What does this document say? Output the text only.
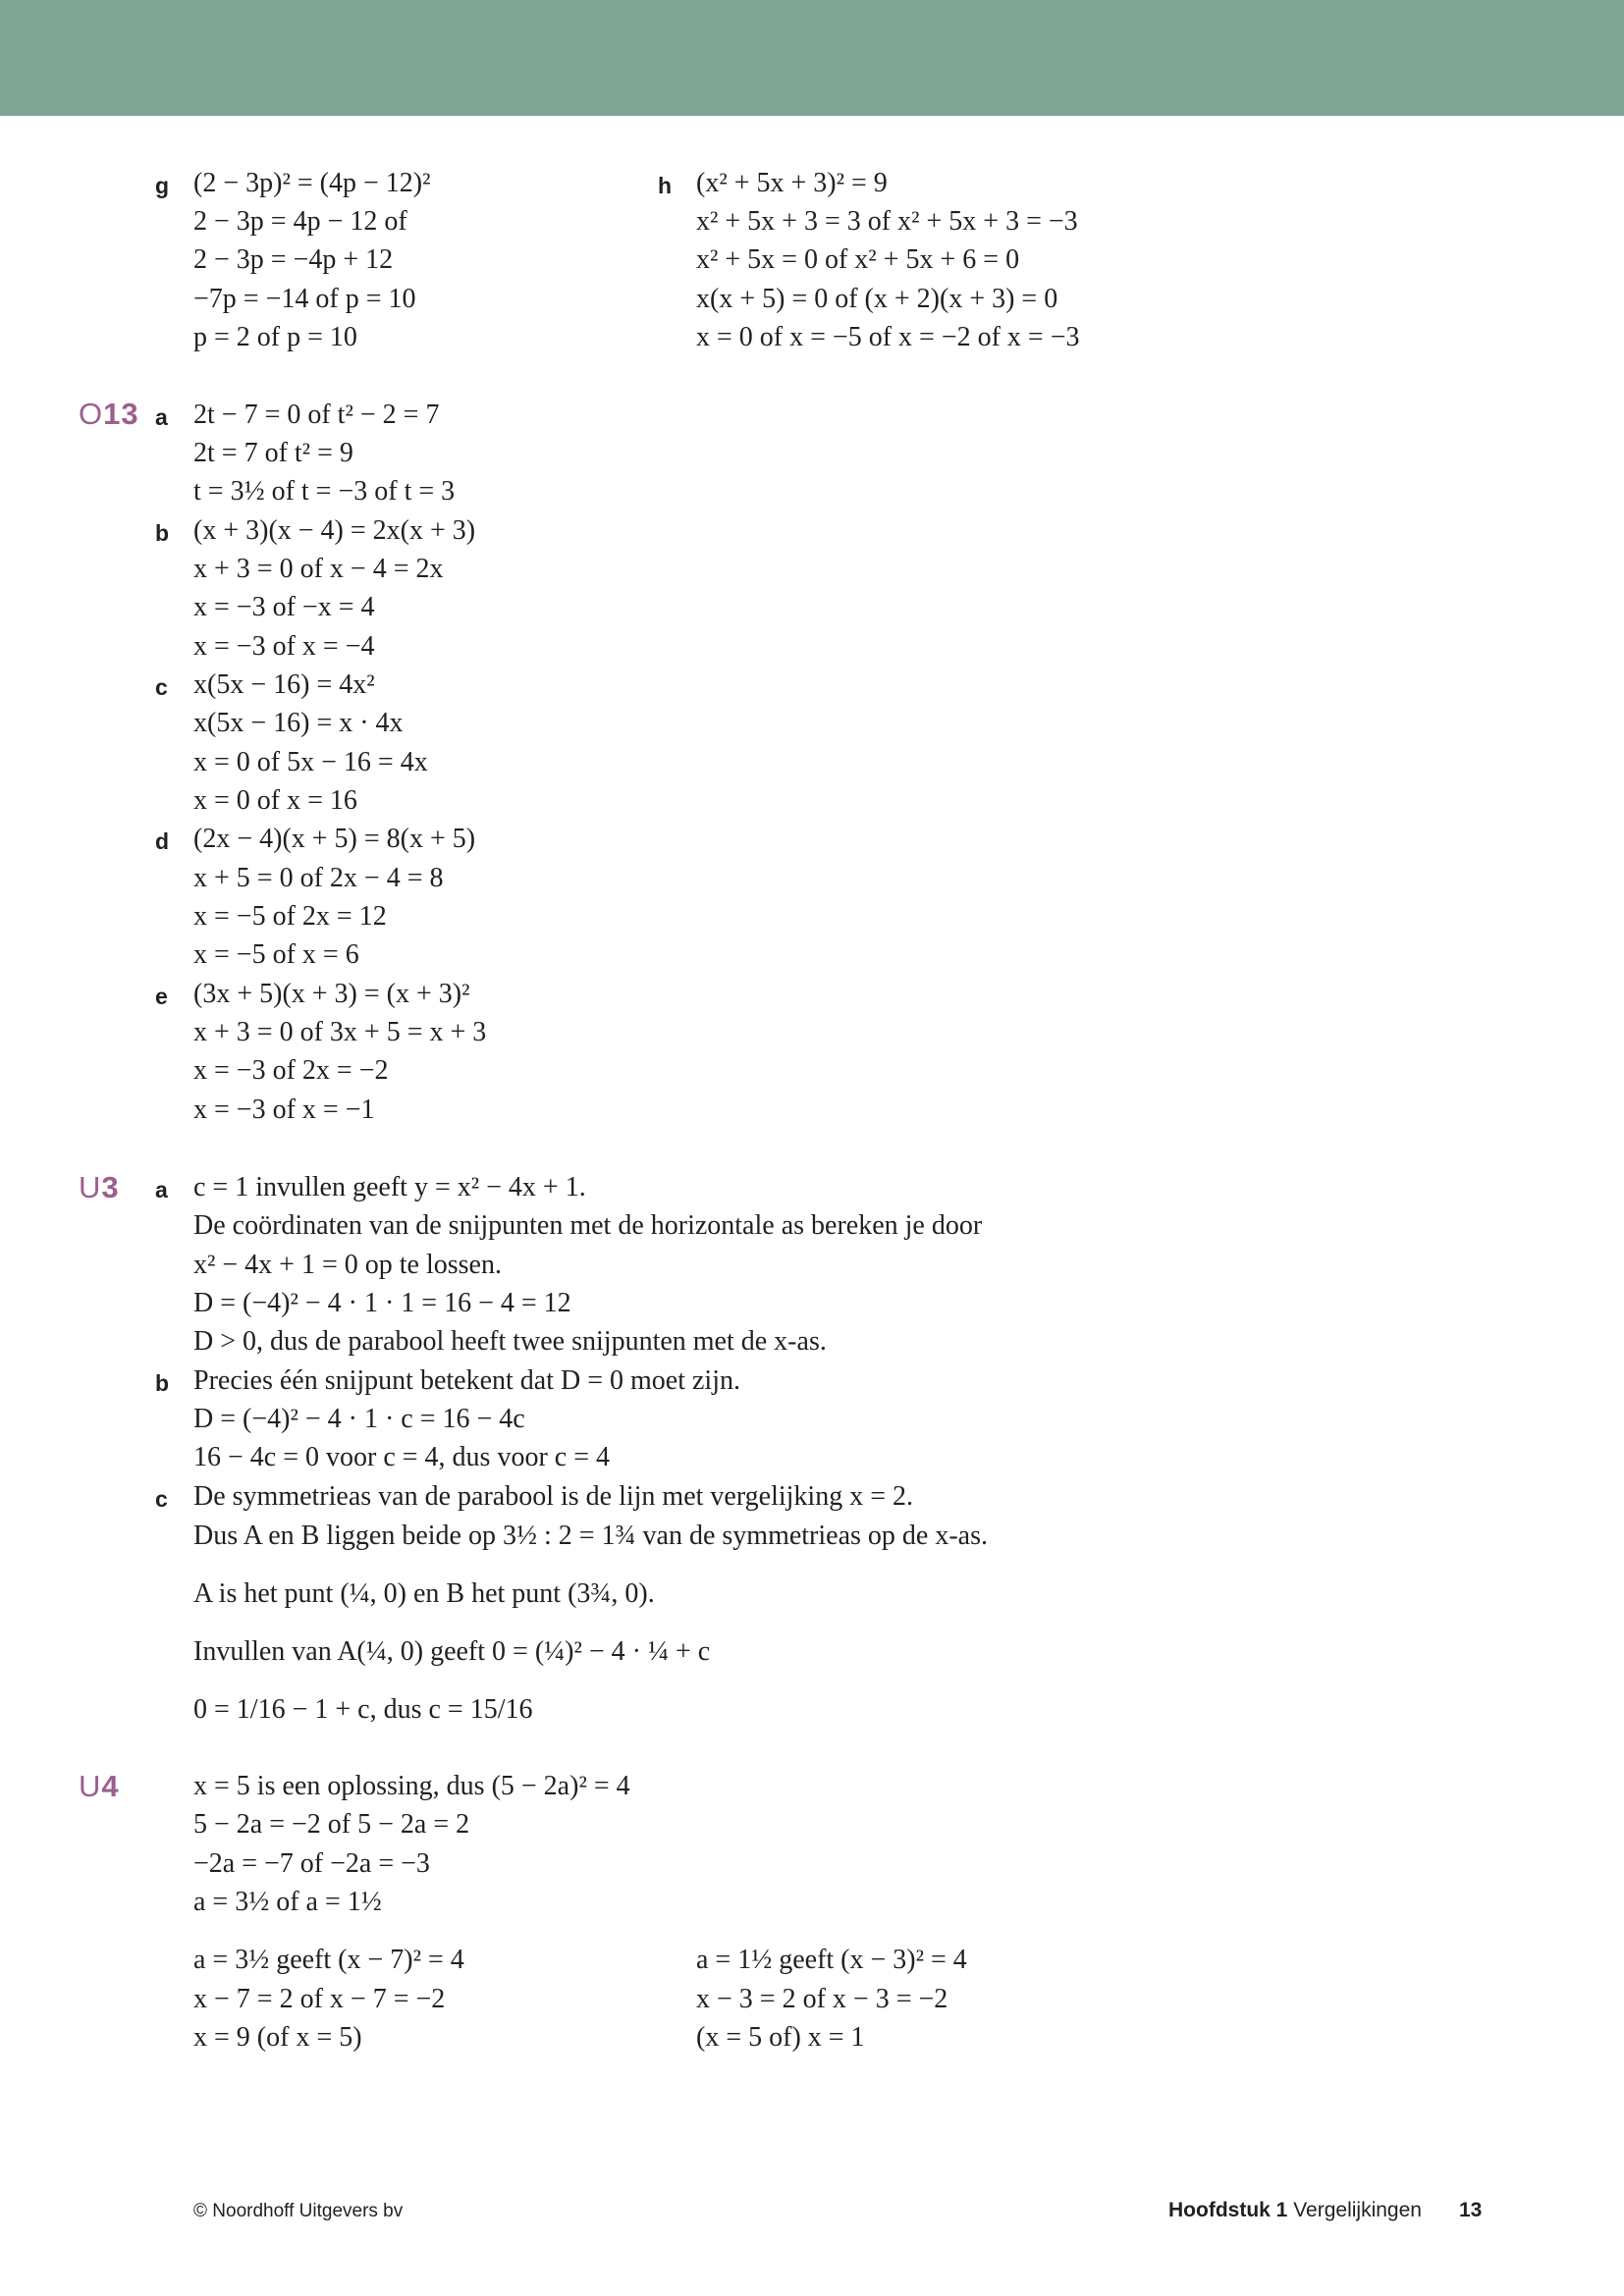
g (2 − 3p)² = (4p − 12)²
2 − 3p = 4p − 12 of
2 − 3p = −4p + 12
−7p = −14 of p = 10
p = 2 of p = 10
h (x² + 5x + 3)² = 9
x² + 5x + 3 = 3 of x² + 5x + 3 = −3
x² + 5x = 0 of x² + 5x + 6 = 0
x(x + 5) = 0 of (x + 2)(x + 3) = 0
x = 0 of x = −5 of x = −2 of x = −3
O13 a 2t − 7 = 0 of t² − 2 = 7
2t = 7 of t² = 9
t = 3½ of t = −3 of t = 3
b (x + 3)(x − 4) = 2x(x + 3)
x + 3 = 0 of x − 4 = 2x
x = −3 of −x = 4
x = −3 of x = −4
c x(5x − 16) = 4x²
x(5x − 16) = x · 4x
x = 0 of 5x − 16 = 4x
x = 0 of x = 16
d (2x − 4)(x + 5) = 8(x + 5)
x + 5 = 0 of 2x − 4 = 8
x = −5 of 2x = 12
x = −5 of x = 6
e (3x + 5)(x + 3) = (x + 3)²
x + 3 = 0 of 3x + 5 = x + 3
x = −3 of 2x = −2
x = −3 of x = −1
U3 a c = 1 invullen geeft y = x² − 4x + 1.
De coördinaten van de snijpunten met de horizontale as bereken je door
x² − 4x + 1 = 0 op te lossen.
D = (−4)² − 4 · 1 · 1 = 16 − 4 = 12
D > 0, dus de parabool heeft twee snijpunten met de x-as.
b Precies één snijpunt betekent dat D = 0 moet zijn.
D = (−4)² − 4 · 1 · c = 16 − 4c
16 − 4c = 0 voor c = 4, dus voor c = 4
c De symmetrieas van de parabool is de lijn met vergelijking x = 2.
Dus A en B liggen beide op 3½ : 2 = 1¾ van de symmetrieas op de x-as.
A is het punt (¼, 0) en B het punt (3¾, 0).
Invullen van A(¼, 0) geeft 0 = (¼)² − 4 · ¼ + c
0 = 1/16 − 1 + c, dus c = 15/16
U4	x = 5 is een oplossing, dus (5 − 2a)² = 4
5 − 2a = −2 of 5 − 2a = 2
−2a = −7 of −2a = −3
a = 3½ of a = 1½
a = 3½ geeft (x − 7)² = 4
x − 7 = 2 of x − 7 = −2
x = 9 (of x = 5)
a = 1½ geeft (x − 3)² = 4
x − 3 = 2 of x − 3 = −2
(x = 5 of) x = 1
© Noordhoff Uitgevers bv	Hoofdstuk 1 Vergelijkingen 13
